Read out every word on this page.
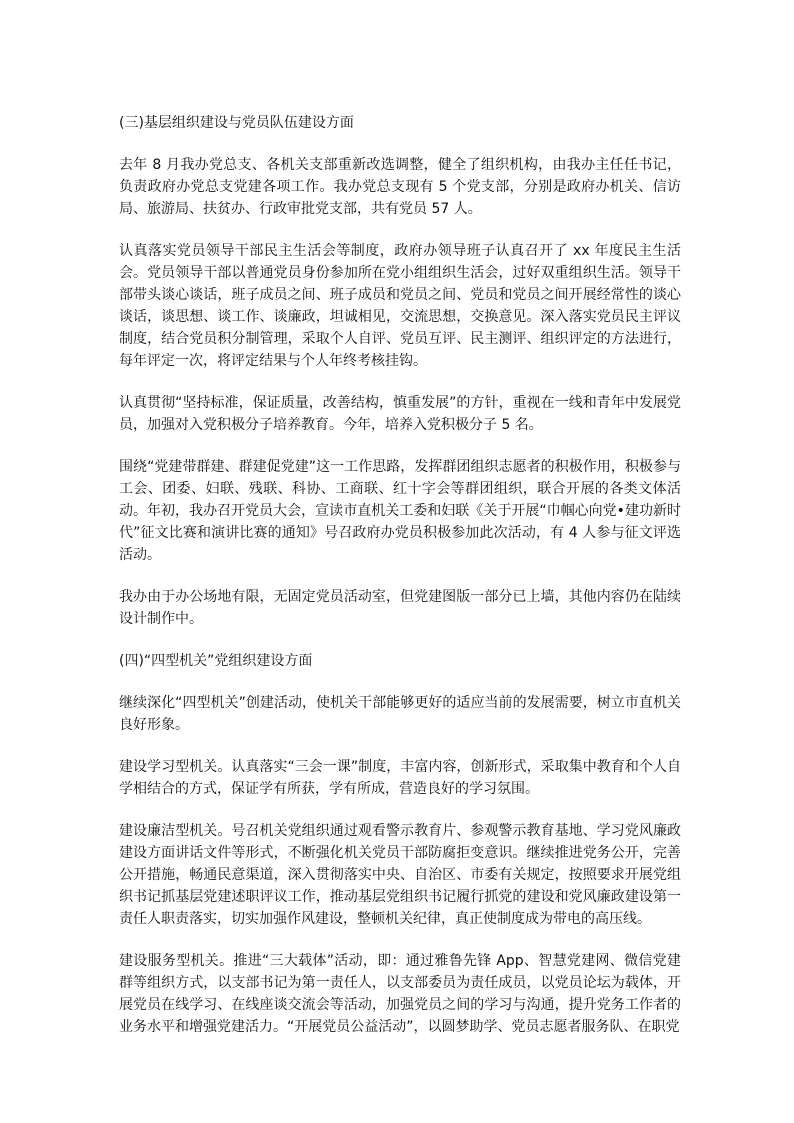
(三)基层组织建设与党员队伍建设方面
去年 8 月我办党总支、各机关支部重新改选调整，健全了组织机构，由我办主任任书记，负责政府办党总支党建各项工作。我办党总支现有 5 个党支部，分别是政府办机关、信访局、旅游局、扶贫办、行政审批党支部，共有党员 57 人。
认真落实党员领导干部民主生活会等制度，政府办领导班子认真召开了 xx 年度民主生活会。党员领导干部以普通党员身份参加所在党小组组织生活会，过好双重组织生活。领导干部带头谈心谈话，班子成员之间、班子成员和党员之间、党员和党员之间开展经常性的谈心谈话，谈思想、谈工作、谈廉政，坦诚相见，交流思想，交换意见。深入落实党员民主评议制度，结合党员积分制管理，采取个人自评、党员互评、民主测评、组织评定的方法进行，每年评定一次，将评定结果与个人年终考核挂钩。
认真贯彻“坚持标准，保证质量，改善结构，慎重发展”的方针，重视在一线和青年中发展党员，加强对入党积极分子培养教育。今年，培养入党积极分子 5 名。
围绕“党建带群建、群建促党建”这一工作思路，发挥群团组织志愿者的积极作用，积极参与工会、团委、妇联、残联、科协、工商联、红十字会等群团组织，联合开展的各类文体活动。年初，我办召开党员大会，宣读市直机关工委和妇联《关于开展“巾帼心向党•建功新时代”征文比赛和演讲比赛的通知》号召政府办党员积极参加此次活动，有 4 人参与征文评选活动。
我办由于办公场地有限，无固定党员活动室，但党建图版一部分已上墙，其他内容仍在陆续设计制作中。
(四)“四型机关”党组织建设方面
继续深化“四型机关”创建活动，使机关干部能够更好的适应当前的发展需要，树立市直机关良好形象。
建设学习型机关。认真落实“三会一课”制度，丰富内容，创新形式，采取集中教育和个人自学相结合的方式，保证学有所获，学有所成，营造良好的学习氛围。
建设廉洁型机关。号召机关党组织通过观看警示教育片、参观警示教育基地、学习党风廉政建设方面讲话文件等形式，不断强化机关党员干部防腐拒变意识。继续推进党务公开，完善公开措施，畅通民意渠道，深入贯彻落实中央、自治区、市委有关规定，按照要求开展党组织书记抓基层党建述职评议工作，推动基层党组织书记履行抓党的建设和党风廉政建设第一责任人职责落实，切实加强作风建设，整顿机关纪律，真正使制度成为带电的高压线。
建设服务型机关。推进“三大载体”活动，即：通过雅鲁先锋 App、智慧党建网、微信党建群等组织方式，以支部书记为第一责任人，以支部委员为责任成员，以党员论坛为载体，开展党员在线学习、在线座谈交流会等活动，加强党员之间的学习与沟通，提升党务工作者的业务水平和增强党建活力。“开展党员公益活动”，以圆梦助学、党员志愿者服务队、在职党
